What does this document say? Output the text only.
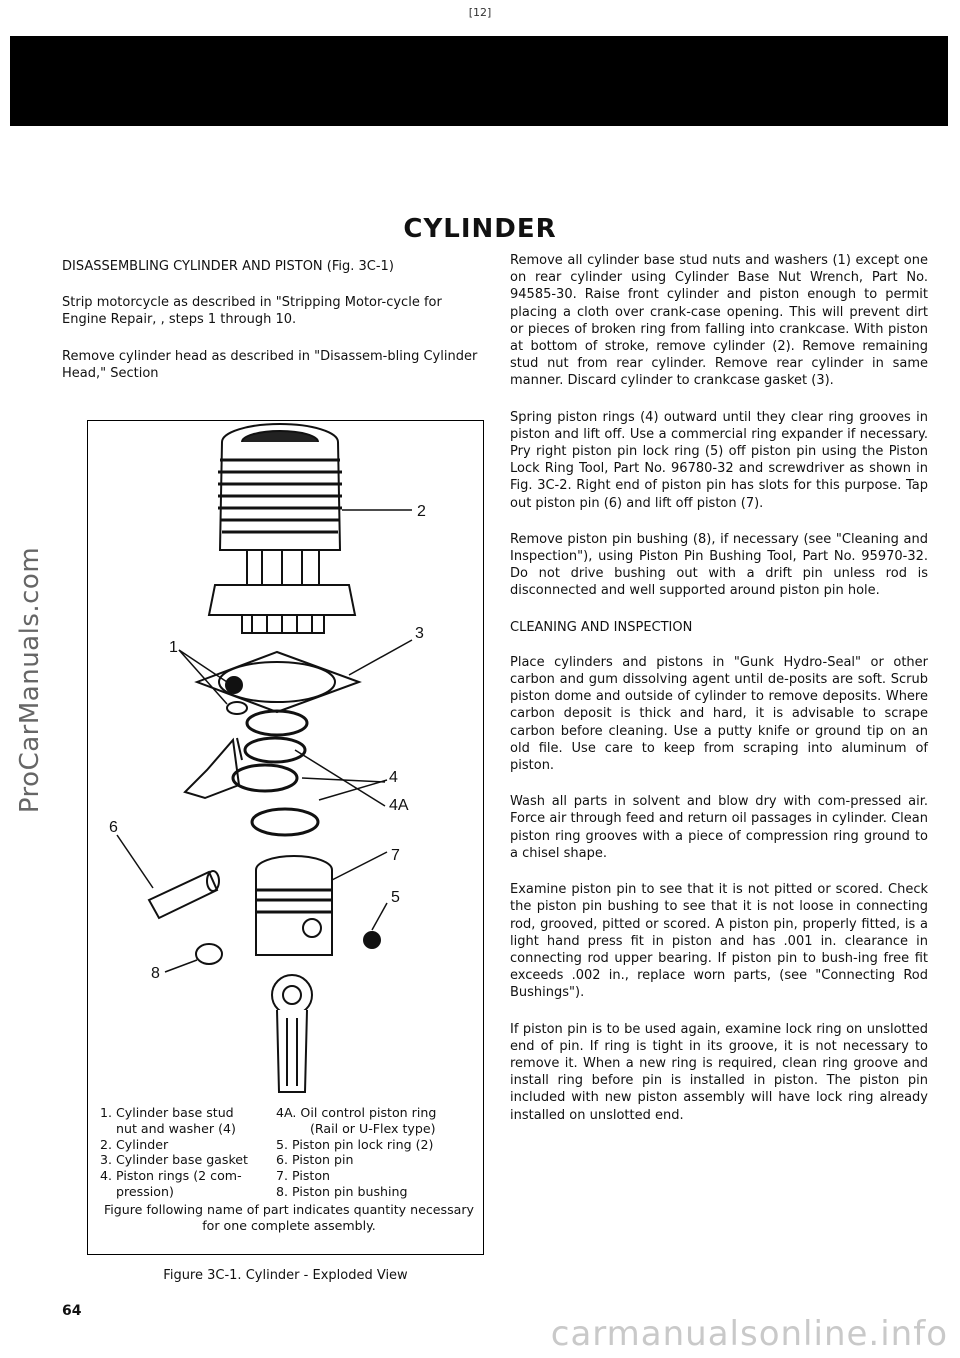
[12]
ProCarManuals.com
CYLINDER

DISASSEMBLING CYLINDER AND PISTON (Fig. 3C-1)

Strip motorcycle as described in "Stripping Motor-cycle for Engine Repair, , steps 1 through 10.

Remove cylinder head as described in "Disassem-bling Cylinder Head," Section

2
3
1
4
4A
6
7
5
8
1. Cylinder base stud	4A. Oil control piston ring
nut and washer (4)	(Rail or U-Flex type)
2. Cylinder	5. Piston pin lock ring (2)
3. Cylinder base gasket	6. Piston pin
4. Piston rings (2 com-	7. Piston
pression)	8. Piston pin bushing
Figure following name of part indicates quantity necessary for one complete assembly.
Figure 3C-1. Cylinder - Exploded View

Remove all cylinder base stud nuts and washers (1) except one on rear cylinder using Cylinder Base Nut Wrench, Part No. 94585-30. Raise front cylinder and piston enough to permit placing a cloth over crank-case opening. This will prevent dirt or pieces of broken ring from falling into crankcase. With piston at bottom of stroke, remove cylinder (2). Remove remaining stud nut from rear cylinder. Remove rear cylinder in same manner. Discard cylinder to crankcase gasket (3).

Spring piston rings (4) outward until they clear ring grooves in piston and lift off. Use a commercial ring expander if necessary. Pry right piston pin lock ring (5) off piston pin using the Piston Lock Ring Tool, Part No. 96780-32 and screwdriver as shown in Fig. 3C-2. Right end of piston pin has slots for this purpose. Tap out piston pin (6) and lift off piston (7).

Remove piston pin bushing (8), if necessary (see "Cleaning and Inspection"), using Piston Pin Bushing Tool, Part No. 95970-32. Do not drive bushing out with a drift pin unless rod is disconnected and well supported around piston pin hole.

CLEANING AND INSPECTION

Place cylinders and pistons in "Gunk Hydro-Seal" or other carbon and gum dissolving agent until de-posits are soft. Scrub piston dome and outside of cylinder to remove deposits. Where carbon deposit is thick and hard, it is advisable to scrape carbon before cleaning. Use a putty knife or ground tip on an old file. Use care to keep from scraping into aluminum of piston.

Wash all parts in solvent and blow dry with com-pressed air. Force air through feed and return oil passages in cylinder. Clean piston ring grooves with a piece of compression ring ground to a chisel shape.

Examine piston pin to see that it is not pitted or scored. Check the piston pin bushing to see that it is not loose in connecting rod, grooved, pitted or scored. A piston pin, properly fitted, is a light hand press fit in piston and has .001 in. clearance in connecting rod upper bearing. If piston pin to bush-ing free fit exceeds .002 in., replace worn parts, (see "Connecting Rod Bushings").

If piston pin is to be used again, examine lock ring on unslotted end of pin. If ring is tight in its groove, it is not necessary to remove it. When a new ring is required, clean ring groove and install ring before pin is installed in piston. The piston pin included with new piston assembly will have lock ring already installed on unslotted end.

64
carmanualsonline.info
